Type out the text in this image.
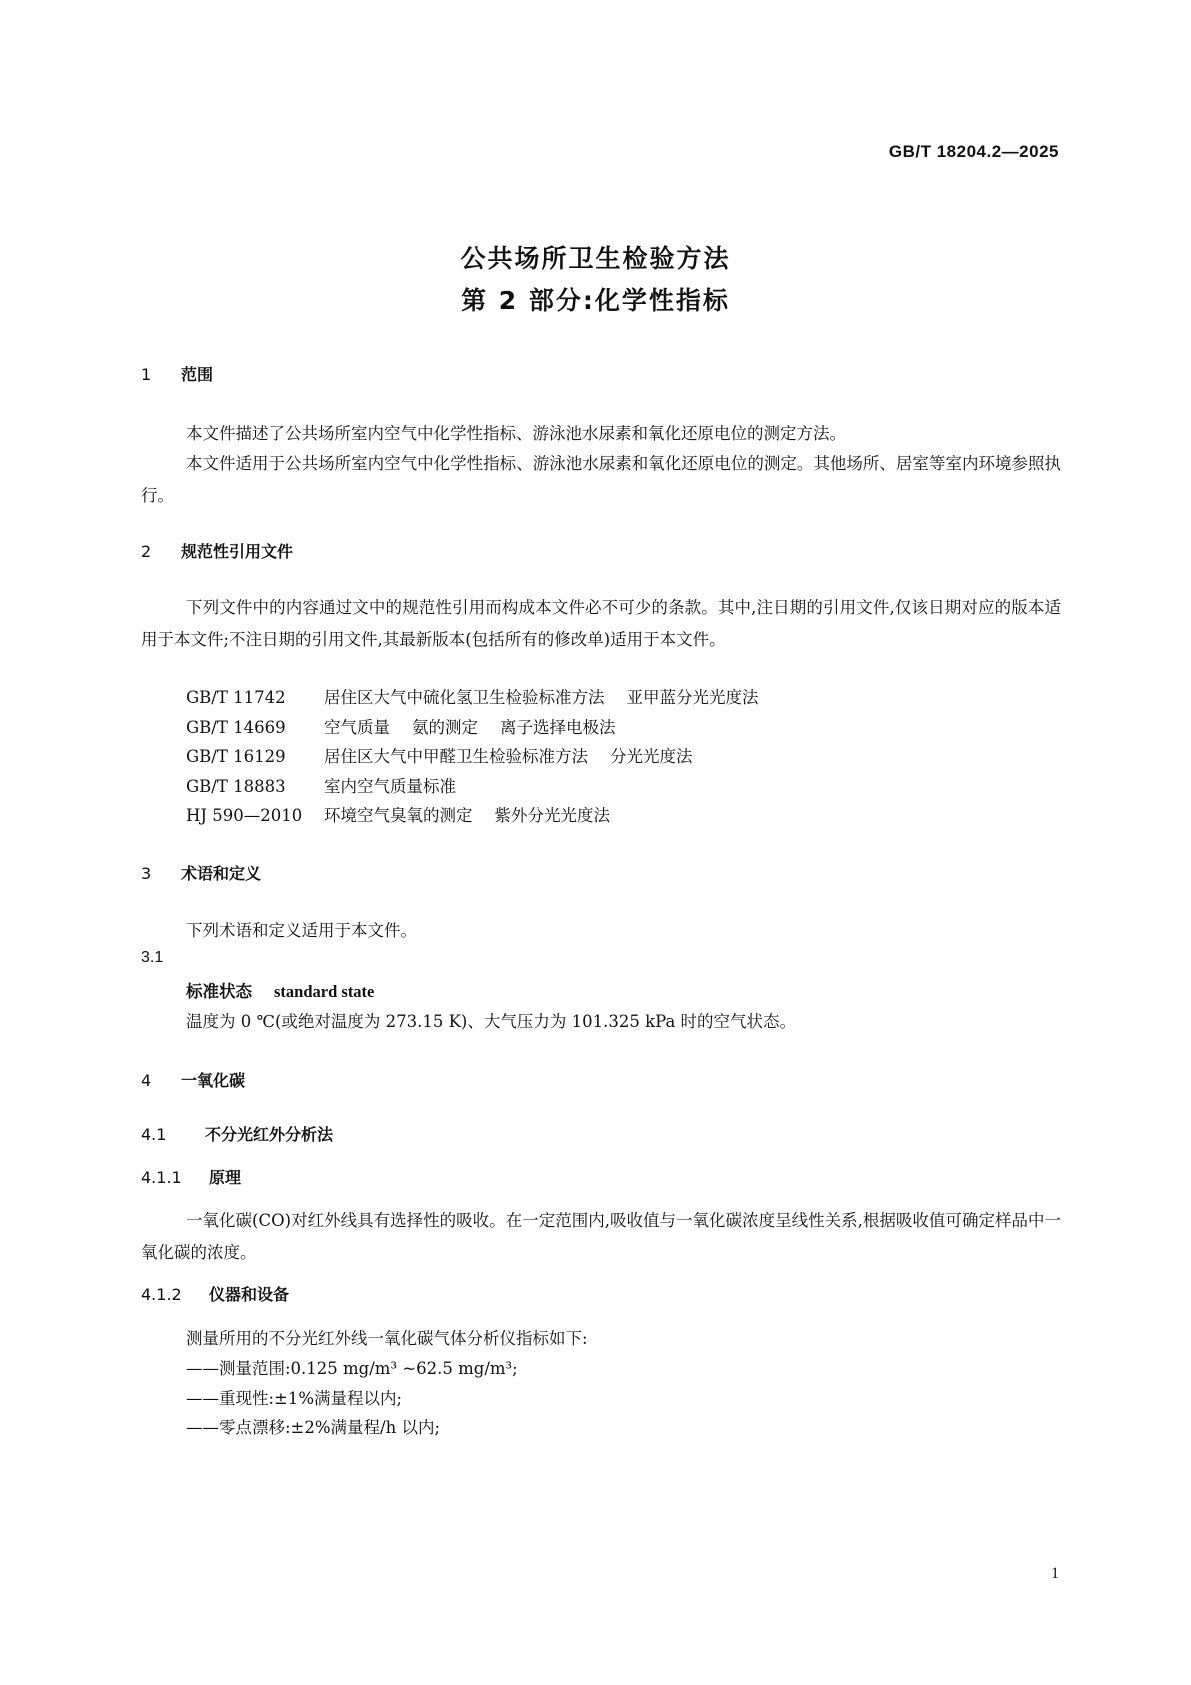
GB/T 18204.2—2025
公共场所卫生检验方法
第 2 部分:化学性指标
1 范围
本文件描述了公共场所室内空气中化学性指标、游泳池水尿素和氧化还原电位的测定方法。
本文件适用于公共场所室内空气中化学性指标、游泳池水尿素和氧化还原电位的测定。其他场所、居室等室内环境参照执行。
2 规范性引用文件
下列文件中的内容通过文中的规范性引用而构成本文件必不可少的条款。其中,注日期的引用文件,仅该日期对应的版本适用于本文件;不注日期的引用文件,其最新版本(包括所有的修改单)适用于本文件。
GB/T 11742 居住区大气中硫化氢卫生检验标准方法 亚甲蓝分光光度法
GB/T 14669 空气质量 氨的测定 离子选择电极法
GB/T 16129 居住区大气中甲醛卫生检验标准方法 分光光度法
GB/T 18883 室内空气质量标准
HJ 590—2010 环境空气臭氧的测定 紫外分光光度法
3 术语和定义
下列术语和定义适用于本文件。
3.1
标准状态 standard state
温度为 0 ℃(或绝对温度为 273.15 K)、大气压力为 101.325 kPa 时的空气状态。
4 一氧化碳
4.1 不分光红外分析法
4.1.1 原理
一氧化碳(CO)对红外线具有选择性的吸收。在一定范围内,吸收值与一氧化碳浓度呈线性关系,根据吸收值可确定样品中一氧化碳的浓度。
4.1.2 仪器和设备
测量所用的不分光红外线一氧化碳气体分析仪指标如下:
——测量范围:0.125 mg/m³ ~62.5 mg/m³;
——重现性:±1%满量程以内;
——零点漂移:±2%满量程/h 以内;
1
